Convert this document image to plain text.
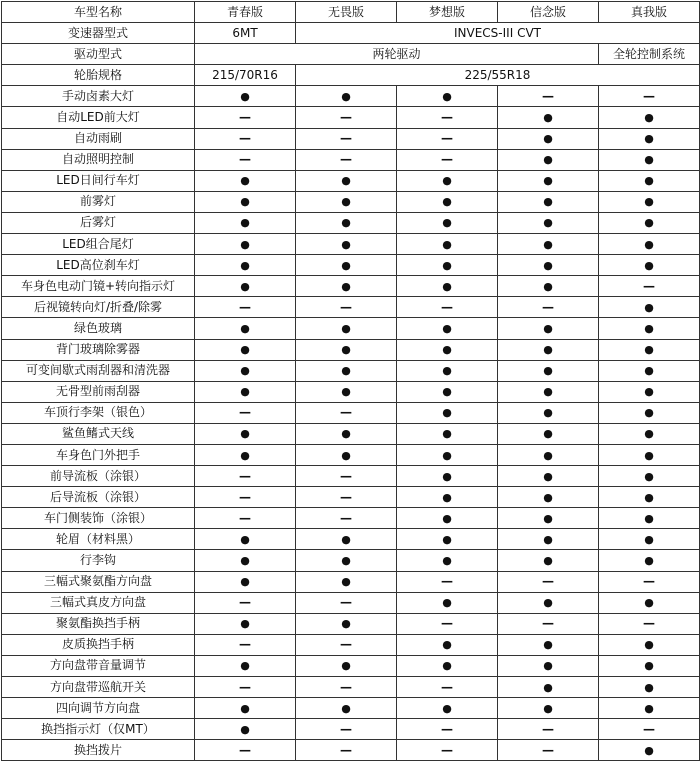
车型名称	青春版	无畏版	梦想版	信念版	真我版
变速器型式	6MT	INVECS-III CVT			
驱动型式	两轮驱动				全轮控制系统
轮胎规格	215/70R16	225/55R18			
手动卤素大灯	●	●	●	—	—
自动LED前大灯	—	—	—	●	●
自动雨刷	—	—	—	●	●
自动照明控制	—	—	—	●	●
LED日间行车灯	●	●	●	●	●
前雾灯	●	●	●	●	●
后雾灯	●	●	●	●	●
LED组合尾灯	●	●	●	●	●
LED高位刹车灯	●	●	●	●	●
车身色电动门镜+转向指示灯	●	●	●	●	—
后视镜转向灯/折叠/除雾	—	—	—	—	●
绿色玻璃	●	●	●	●	●
背门玻璃除雾器	●	●	●	●	●
可变间歇式雨刮器和清洗器	●	●	●	●	●
无骨型前雨刮器	●	●	●	●	●
车顶行李架（银色）	—	—	●	●	●
鲨鱼鳍式天线	●	●	●	●	●
车身色门外把手	●	●	●	●	●
前导流板（涂银）	—	—	●	●	●
后导流板（涂银）	—	—	●	●	●
车门侧装饰（涂银）	—	—	●	●	●
轮眉（材料黑）	●	●	●	●	●
行李钩	●	●	●	●	●
三幅式聚氨酯方向盘	●	●	—	—	—
三幅式真皮方向盘	—	—	●	●	●
聚氨酯换挡手柄	●	●	—	—	—
皮质换挡手柄	—	—	●	●	●
方向盘带音量调节	●	●	●	●	●
方向盘带巡航开关	—	—	—	●	●
四向调节方向盘	●	●	●	●	●
换挡指示灯（仅MT）	●	—	—	—	—
换挡拨片	—	—	—	—	●
